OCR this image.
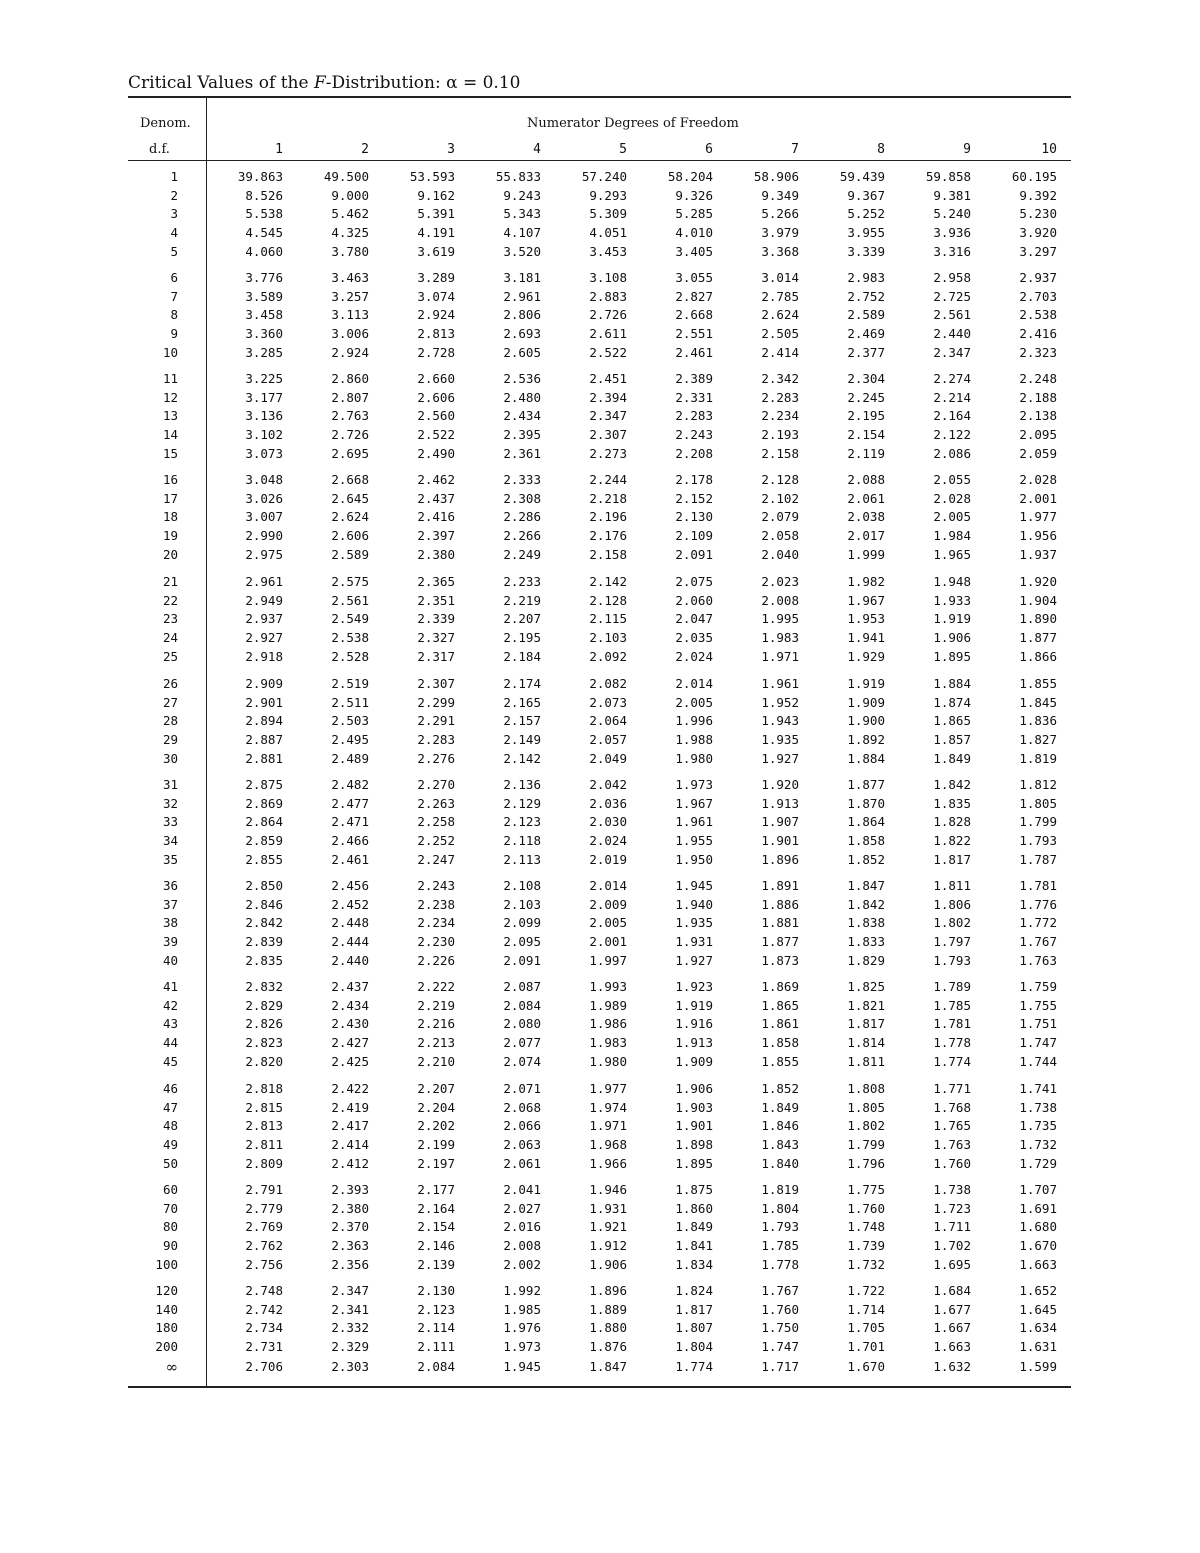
Critical Values of the F-Distribution: α = 0.10
Denom.
d.f.
Numerator Degrees of Freedom
1	39.863	49.500	53.593	55.833	57.240	58.204	58.906	59.439	59.858	60.195
2	8.526	9.000	9.162	9.243	9.293	9.326	9.349	9.367	9.381	9.392
3	5.538	5.462	5.391	5.343	5.309	5.285	5.266	5.252	5.240	5.230
4	4.545	4.325	4.191	4.107	4.051	4.010	3.979	3.955	3.936	3.920
5	4.060	3.780	3.619	3.520	3.453	3.405	3.368	3.339	3.316	3.297
6	3.776	3.463	3.289	3.181	3.108	3.055	3.014	2.983	2.958	2.937
7	3.589	3.257	3.074	2.961	2.883	2.827	2.785	2.752	2.725	2.703
8	3.458	3.113	2.924	2.806	2.726	2.668	2.624	2.589	2.561	2.538
9	3.360	3.006	2.813	2.693	2.611	2.551	2.505	2.469	2.440	2.416
10	3.285	2.924	2.728	2.605	2.522	2.461	2.414	2.377	2.347	2.323
11	3.225	2.860	2.660	2.536	2.451	2.389	2.342	2.304	2.274	2.248
12	3.177	2.807	2.606	2.480	2.394	2.331	2.283	2.245	2.214	2.188
13	3.136	2.763	2.560	2.434	2.347	2.283	2.234	2.195	2.164	2.138
14	3.102	2.726	2.522	2.395	2.307	2.243	2.193	2.154	2.122	2.095
15	3.073	2.695	2.490	2.361	2.273	2.208	2.158	2.119	2.086	2.059
16	3.048	2.668	2.462	2.333	2.244	2.178	2.128	2.088	2.055	2.028
17	3.026	2.645	2.437	2.308	2.218	2.152	2.102	2.061	2.028	2.001
18	3.007	2.624	2.416	2.286	2.196	2.130	2.079	2.038	2.005	1.977
19	2.990	2.606	2.397	2.266	2.176	2.109	2.058	2.017	1.984	1.956
20	2.975	2.589	2.380	2.249	2.158	2.091	2.040	1.999	1.965	1.937
21	2.961	2.575	2.365	2.233	2.142	2.075	2.023	1.982	1.948	1.920
22	2.949	2.561	2.351	2.219	2.128	2.060	2.008	1.967	1.933	1.904
23	2.937	2.549	2.339	2.207	2.115	2.047	1.995	1.953	1.919	1.890
24	2.927	2.538	2.327	2.195	2.103	2.035	1.983	1.941	1.906	1.877
25	2.918	2.528	2.317	2.184	2.092	2.024	1.971	1.929	1.895	1.866
26	2.909	2.519	2.307	2.174	2.082	2.014	1.961	1.919	1.884	1.855
27	2.901	2.511	2.299	2.165	2.073	2.005	1.952	1.909	1.874	1.845
28	2.894	2.503	2.291	2.157	2.064	1.996	1.943	1.900	1.865	1.836
29	2.887	2.495	2.283	2.149	2.057	1.988	1.935	1.892	1.857	1.827
30	2.881	2.489	2.276	2.142	2.049	1.980	1.927	1.884	1.849	1.819
31	2.875	2.482	2.270	2.136	2.042	1.973	1.920	1.877	1.842	1.812
32	2.869	2.477	2.263	2.129	2.036	1.967	1.913	1.870	1.835	1.805
33	2.864	2.471	2.258	2.123	2.030	1.961	1.907	1.864	1.828	1.799
34	2.859	2.466	2.252	2.118	2.024	1.955	1.901	1.858	1.822	1.793
35	2.855	2.461	2.247	2.113	2.019	1.950	1.896	1.852	1.817	1.787
36	2.850	2.456	2.243	2.108	2.014	1.945	1.891	1.847	1.811	1.781
37	2.846	2.452	2.238	2.103	2.009	1.940	1.886	1.842	1.806	1.776
38	2.842	2.448	2.234	2.099	2.005	1.935	1.881	1.838	1.802	1.772
39	2.839	2.444	2.230	2.095	2.001	1.931	1.877	1.833	1.797	1.767
40	2.835	2.440	2.226	2.091	1.997	1.927	1.873	1.829	1.793	1.763
41	2.832	2.437	2.222	2.087	1.993	1.923	1.869	1.825	1.789	1.759
42	2.829	2.434	2.219	2.084	1.989	1.919	1.865	1.821	1.785	1.755
43	2.826	2.430	2.216	2.080	1.986	1.916	1.861	1.817	1.781	1.751
44	2.823	2.427	2.213	2.077	1.983	1.913	1.858	1.814	1.778	1.747
45	2.820	2.425	2.210	2.074	1.980	1.909	1.855	1.811	1.774	1.744
46	2.818	2.422	2.207	2.071	1.977	1.906	1.852	1.808	1.771	1.741
47	2.815	2.419	2.204	2.068	1.974	1.903	1.849	1.805	1.768	1.738
48	2.813	2.417	2.202	2.066	1.971	1.901	1.846	1.802	1.765	1.735
49	2.811	2.414	2.199	2.063	1.968	1.898	1.843	1.799	1.763	1.732
50	2.809	2.412	2.197	2.061	1.966	1.895	1.840	1.796	1.760	1.729
60	2.791	2.393	2.177	2.041	1.946	1.875	1.819	1.775	1.738	1.707
70	2.779	2.380	2.164	2.027	1.931	1.860	1.804	1.760	1.723	1.691
80	2.769	2.370	2.154	2.016	1.921	1.849	1.793	1.748	1.711	1.680
90	2.762	2.363	2.146	2.008	1.912	1.841	1.785	1.739	1.702	1.670
100	2.756	2.356	2.139	2.002	1.906	1.834	1.778	1.732	1.695	1.663
120	2.748	2.347	2.130	1.992	1.896	1.824	1.767	1.722	1.684	1.652
140	2.742	2.341	2.123	1.985	1.889	1.817	1.760	1.714	1.677	1.645
180	2.734	2.332	2.114	1.976	1.880	1.807	1.750	1.705	1.667	1.634
200	2.731	2.329	2.111	1.973	1.876	1.804	1.747	1.701	1.663	1.631
∞	2.706	2.303	2.084	1.945	1.847	1.774	1.717	1.670	1.632	1.599
1	2	3	4	5	6	7	8	9	10
